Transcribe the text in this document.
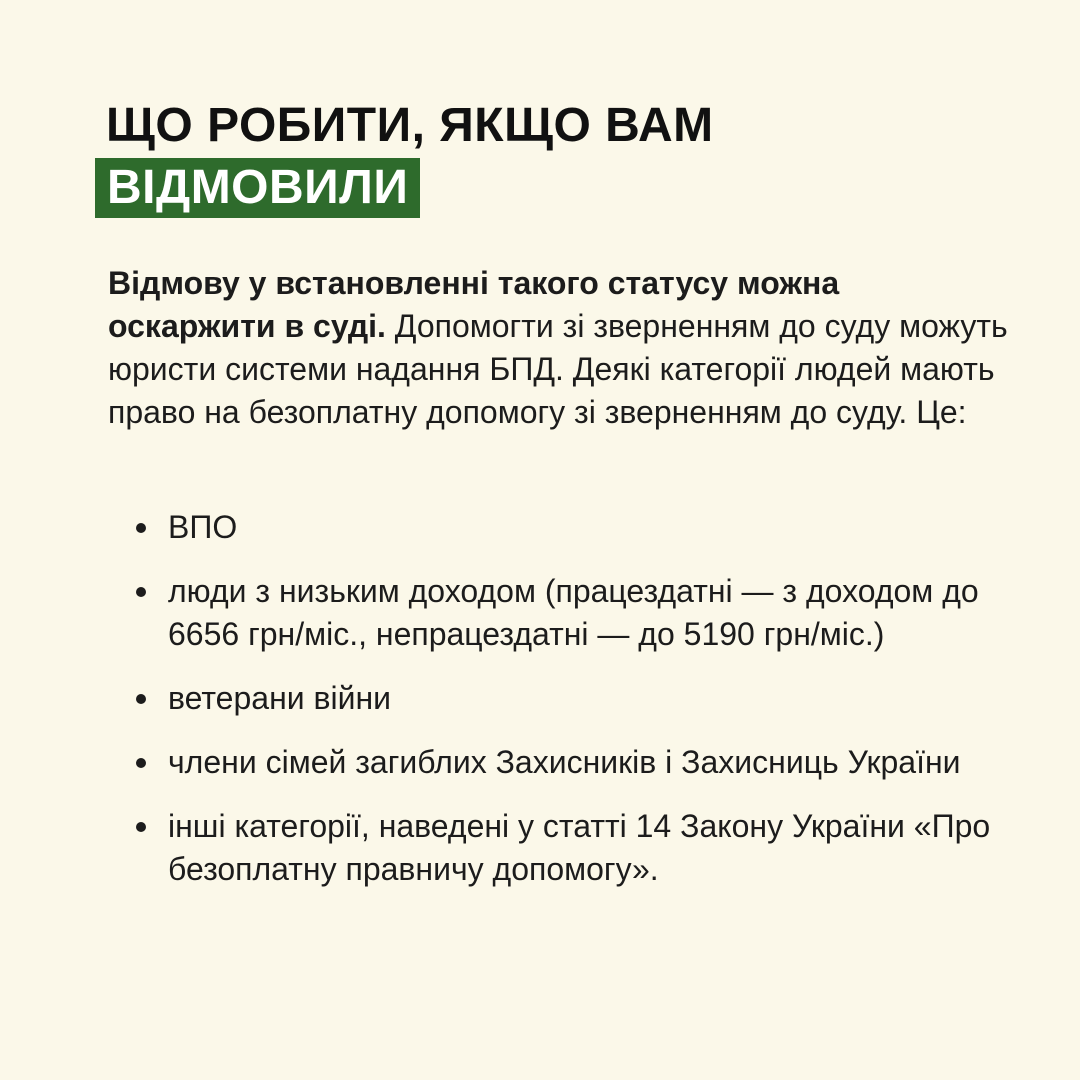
ЩО РОБИТИ, ЯКЩО ВАМ
ВІДМОВИЛИ

Відмову у встановленні такого статусу можна оскаржити в суді. Допомогти зі зверненням до суду можуть юристи системи надання БПД. Деякі категорії людей мають право на безоплатну допомогу зі зверненням до суду. Це:

ВПО
люди з низьким доходом (працездатні — з доходом до 6656 грн/міс., непрацездатні — до 5190 грн/міс.)
ветерани війни
члени сімей загиблих Захисників і Захисниць України
інші категорії, наведені у статті 14 Закону України «Про безоплатну правничу допомогу».
